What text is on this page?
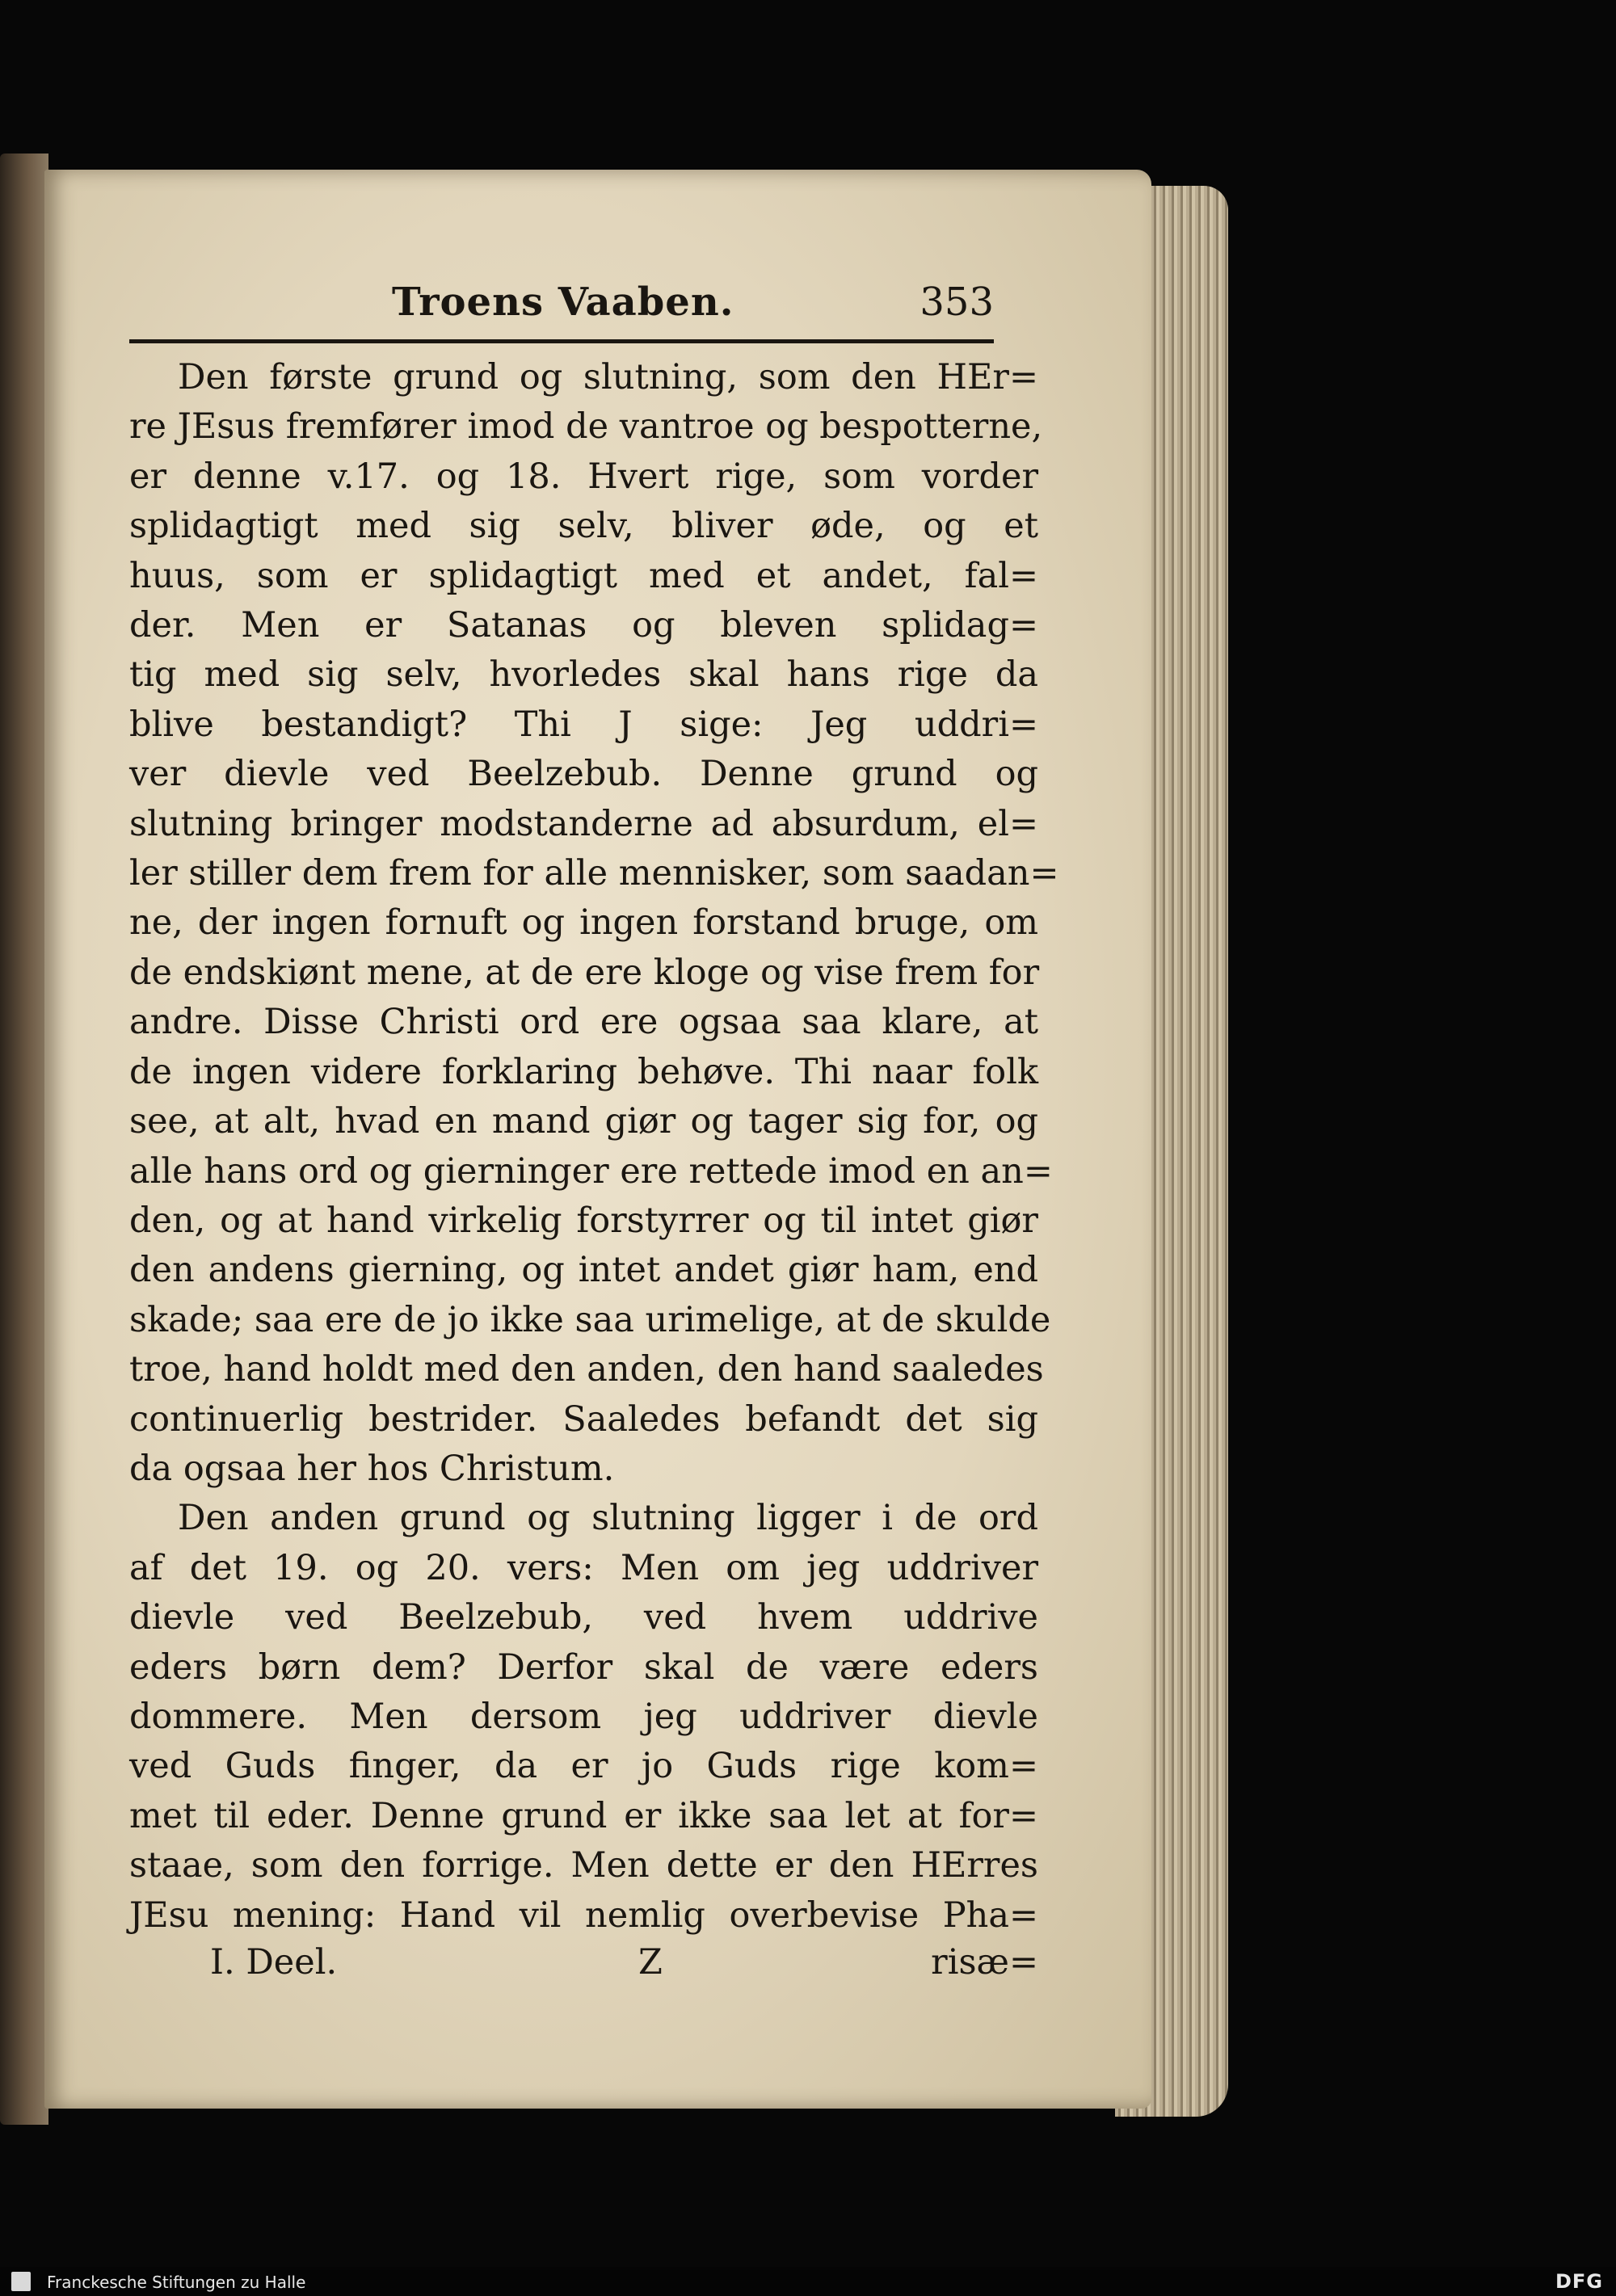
Troens Vaaben.	353
Den første grund og slutning, som den HEr=
re JEsus fremfører imod de vantroe og bespotterne,
er denne v.17. og 18. Hvert rige, som vorder
splidagtigt med sig selv, bliver øde, og et
huus, som er splidagtigt med et andet, fal=
der. Men er Satanas og bleven splidag=
tig med sig selv, hvorledes skal hans rige da
blive bestandigt? Thi J sige: Jeg uddri=
ver dievle ved Beelzebub. Denne grund og
slutning bringer modstanderne ad absurdum, el=
ler stiller dem frem for alle mennisker, som saadan=
ne, der ingen fornuft og ingen forstand bruge, om
de endskiønt mene, at de ere kloge og vise frem for
andre. Disse Christi ord ere ogsaa saa klare, at
de ingen videre forklaring behøve. Thi naar folk
see, at alt, hvad en mand giør og tager sig for, og
alle hans ord og gierninger ere rettede imod en an=
den, og at hand virkelig forstyrrer og til intet giør
den andens gierning, og intet andet giør ham, end
skade; saa ere de jo ikke saa urimelige, at de skulde
troe, hand holdt med den anden, den hand saaledes
continuerlig bestrider. Saaledes befandt det sig
da ogsaa her hos Christum.
Den anden grund og slutning ligger i de ord
af det 19. og 20. vers: Men om jeg uddriver
dievle ved Beelzebub, ved hvem uddrive
eders børn dem? Derfor skal de være eders
dommere. Men dersom jeg uddriver dievle
ved Guds finger, da er jo Guds rige kom=
met til eder. Denne grund er ikke saa let at for=
staae, som den forrige. Men dette er den HErres
JEsu mening: Hand vil nemlig overbevise Pha=
I. Deel.	Z	risæ=
Franckesche Stiftungen zu Halle	DFG
